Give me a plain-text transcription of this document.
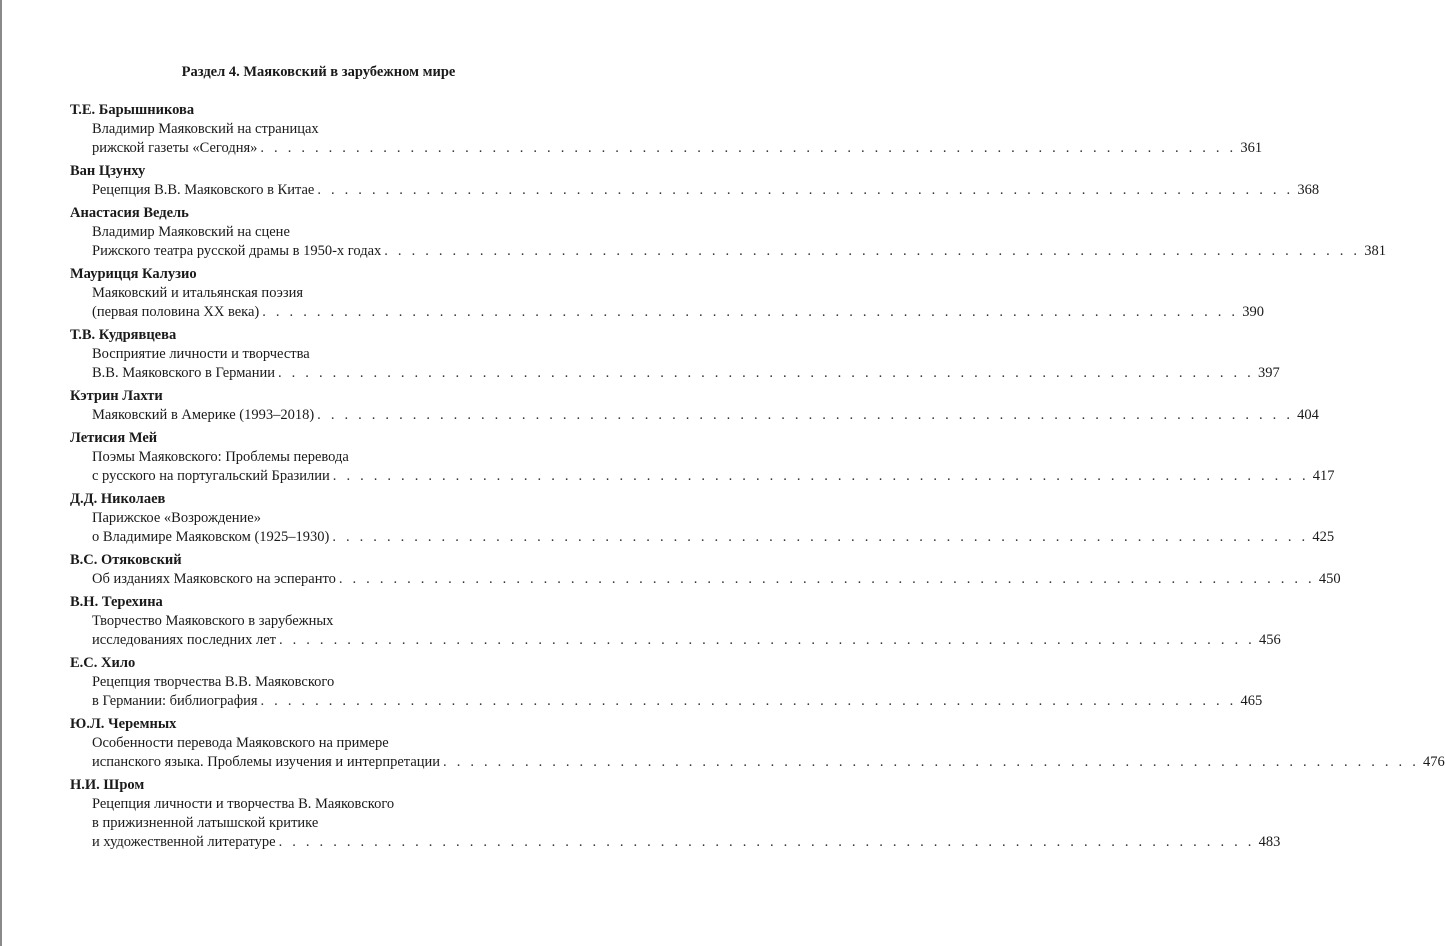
Раздел 4. Маяковский в зарубежном мире
Т.Е. Барышникова
Владимир Маяковский на страницах
рижской газеты «Сегодня» . . . . . . . . . . . . . . . . . . . . . . . . . . . . . . . . . . . . . . . . . . . . . . . . . . . . . . . . . . . . . . . . . . . . . . . . 361
Ван Цзунху
Рецепция В.В. Маяковского в Китае . . . . . . . . . . . . . . . . . . . . . . . . . . . . . . . . . . . . . . . . . . . . . . . . . . . . . . . . . . . . . . . . . . . . . . . . 368
Анастасия Ведель
Владимир Маяковский на сцене
Рижского театра русской драмы в 1950-х годах . . . . . . . . . . . . . . . . . . . . . . . . . . . . . . . . . . . . . . . . . . . . . . . . . . . . . . . . . . . . . . . . . . . . . . . . 381
Маурицця Калузио
Маяковский и итальянская поэзия
(первая половина XX века) . . . . . . . . . . . . . . . . . . . . . . . . . . . . . . . . . . . . . . . . . . . . . . . . . . . . . . . . . . . . . . . . . . . . . . . . 390
Т.В. Кудрявцева
Восприятие личности и творчества
В.В. Маяковского в Германии . . . . . . . . . . . . . . . . . . . . . . . . . . . . . . . . . . . . . . . . . . . . . . . . . . . . . . . . . . . . . . . . . . . . . . . . 397
Кэтрин Лахти
Маяковский в Америке (1993–2018) . . . . . . . . . . . . . . . . . . . . . . . . . . . . . . . . . . . . . . . . . . . . . . . . . . . . . . . . . . . . . . . . . . . . . . . . 404
Летисия Мей
Поэмы Маяковского: Проблемы перевода
с русского на португальский Бразилии . . . . . . . . . . . . . . . . . . . . . . . . . . . . . . . . . . . . . . . . . . . . . . . . . . . . . . . . . . . . . . . . . . . . . . . . 417
Д.Д. Николаев
Парижское «Возрождение»
о Владимире Маяковском (1925–1930) . . . . . . . . . . . . . . . . . . . . . . . . . . . . . . . . . . . . . . . . . . . . . . . . . . . . . . . . . . . . . . . . . . . . . . . . 425
В.С. Отяковский
Об изданиях Маяковского на эсперанто . . . . . . . . . . . . . . . . . . . . . . . . . . . . . . . . . . . . . . . . . . . . . . . . . . . . . . . . . . . . . . . . . . . . . . . . 450
В.Н. Терехина
Творчество Маяковского в зарубежных
исследованиях последних лет . . . . . . . . . . . . . . . . . . . . . . . . . . . . . . . . . . . . . . . . . . . . . . . . . . . . . . . . . . . . . . . . . . . . . . . . 456
Е.С. Хило
Рецепция творчества В.В. Маяковского
в Германии: библиография . . . . . . . . . . . . . . . . . . . . . . . . . . . . . . . . . . . . . . . . . . . . . . . . . . . . . . . . . . . . . . . . . . . . . . . . 465
Ю.Л. Черемных
Особенности перевода Маяковского на примере
испанского языка. Проблемы изучения и интерпретации . . . . . . . . . . . . . . . . . . . . . . . . . . . . . . . . . . . . . . . . . . . . . . . . . . . . . . . . . . . . . . . . . . . . . . . . 476
Н.И. Шром
Рецепция личности и творчества В. Маяковского
в прижизненной латышской критике
и художественной литературе . . . . . . . . . . . . . . . . . . . . . . . . . . . . . . . . . . . . . . . . . . . . . . . . . . . . . . . . . . . . . . . . . . . . . . . . 483
